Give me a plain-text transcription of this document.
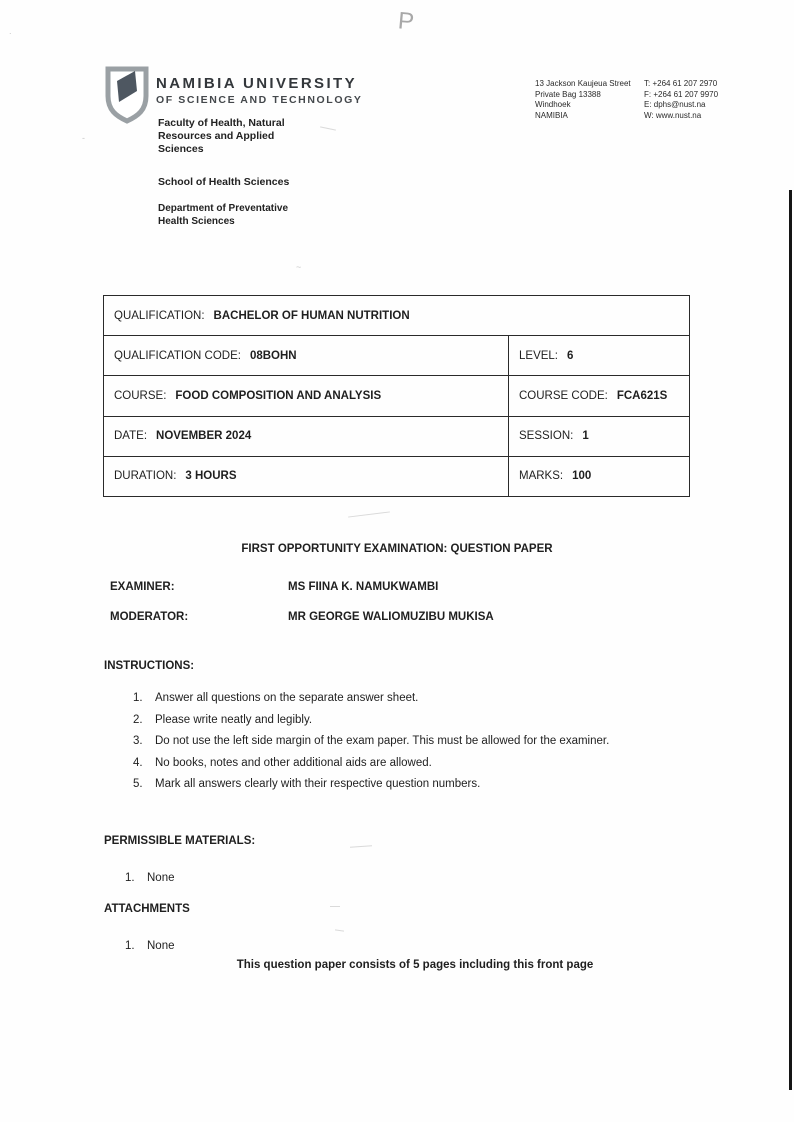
P
.
-
~
NAMIBIA UNIVERSITY
OF SCIENCE AND TECHNOLOGY
Faculty of Health, Natural Resources and Applied Sciences
School of Health Sciences
Department of Preventative Health Sciences
13 Jackson Kaujeua Street
Private Bag 13388
Windhoek
NAMIBIA
T: +264 61 207 2970
F: +264 61 207 9970
E: dphs@nust.na
W: www.nust.na
QUALIFICATION: BACHELOR OF HUMAN NUTRITION
QUALIFICATION CODE: 08BOHN	LEVEL: 6
COURSE: FOOD COMPOSITION AND ANALYSIS	COURSE CODE: FCA621S
DATE: NOVEMBER 2024	SESSION: 1
DURATION: 3 HOURS	MARKS: 100
FIRST OPPORTUNITY EXAMINATION: QUESTION PAPER
EXAMINER:	MS FIINA K. NAMUKWAMBI
MODERATOR:	MR GEORGE WALIOMUZIBU MUKISA
INSTRUCTIONS:
Answer all questions on the separate answer sheet.
Please write neatly and legibly.
Do not use the left side margin of the exam paper. This must be allowed for the examiner.
No books, notes and other additional aids are allowed.
Mark all answers clearly with their respective question numbers.
PERMISSIBLE MATERIALS:
None
ATTACHMENTS
None
This question paper consists of 5 pages including this front page
